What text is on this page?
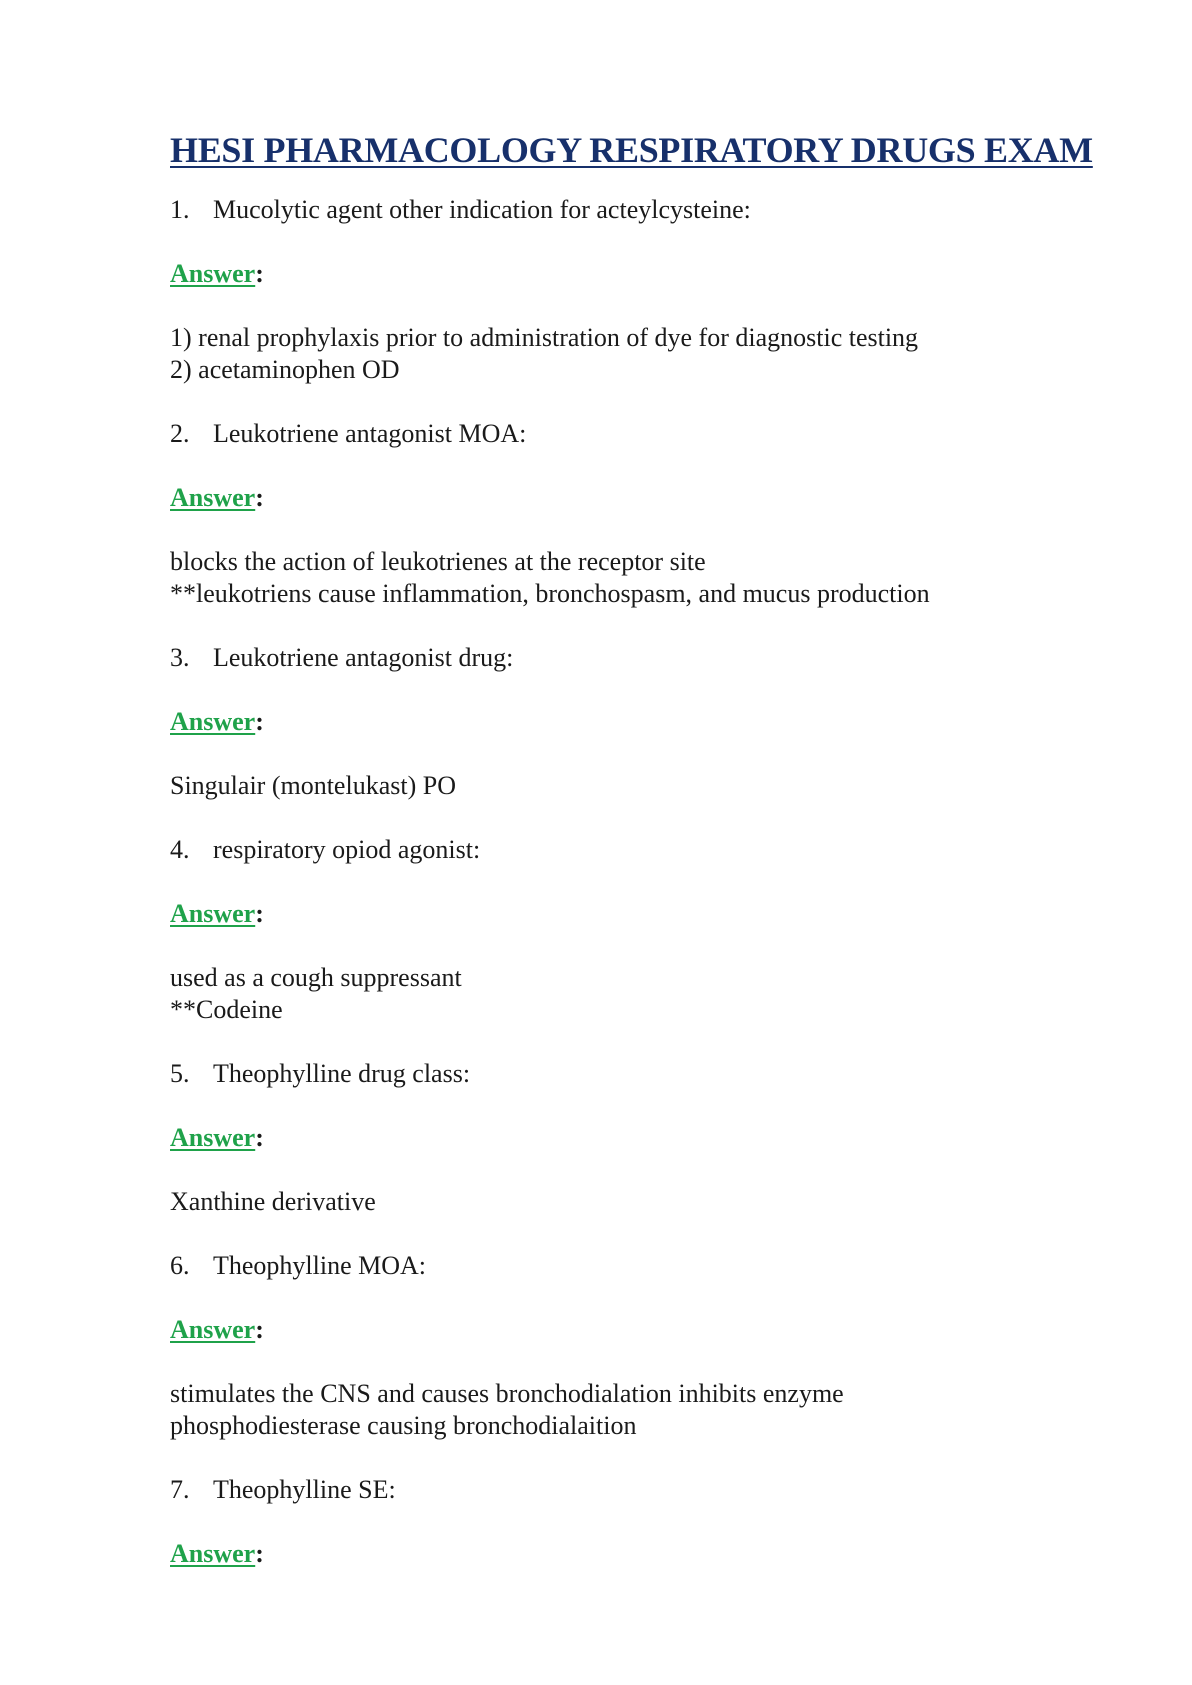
HESI PHARMACOLOGY RESPIRATORY DRUGS EXAM

1. Mucolytic agent other indication for acteylcysteine:

Answer:

1) renal prophylaxis prior to administration of dye for diagnostic testing
2) acetaminophen OD

2. Leukotriene antagonist MOA:

Answer:

blocks the action of leukotrienes at the receptor site
**leukotriens cause inflammation, bronchospasm, and mucus production

3. Leukotriene antagonist drug:

Answer:

Singulair (montelukast) PO

4. respiratory opiod agonist:

Answer:

used as a cough suppressant
**Codeine

5. Theophylline drug class:

Answer:

Xanthine derivative

6. Theophylline MOA:

Answer:

stimulates the CNS and causes bronchodialation inhibits enzyme
phosphodiesterase causing bronchodialaition

7. Theophylline SE:

Answer:
